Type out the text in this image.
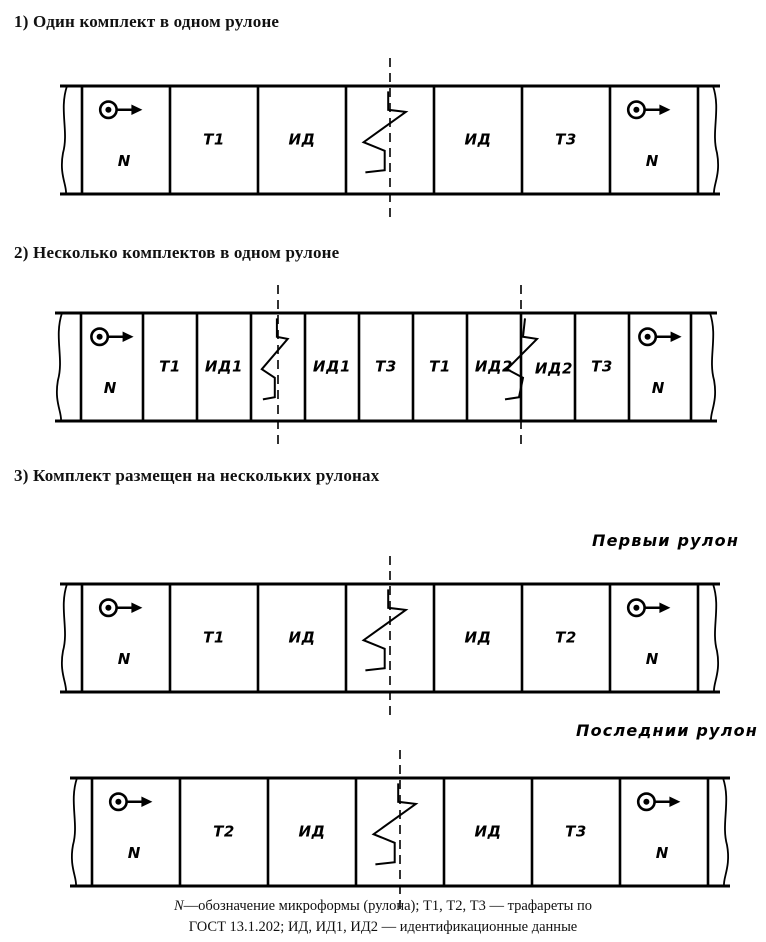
1) Один комплект в одном рулоне
2) Несколько комплектов в одном рулоне
3) Комплект размещен на нескольких рулонах
Первыи рулон
Последнии рулон
N
Т1	ИД	ИД	Т3
N
N
Т1 ИД1	ИД1 Т3 Т1 ИД2 ИД2 Т3
N
N
Т1	ИД	ИД	Т2
N
N
Т2	ИД	ИД	Т3
N
N—обозначение микроформы (рулона); Т1, Т2, Т3 — трафареты по
ГОСТ 13.1.202; ИД, ИД1, ИД2 — идентификационные данные
